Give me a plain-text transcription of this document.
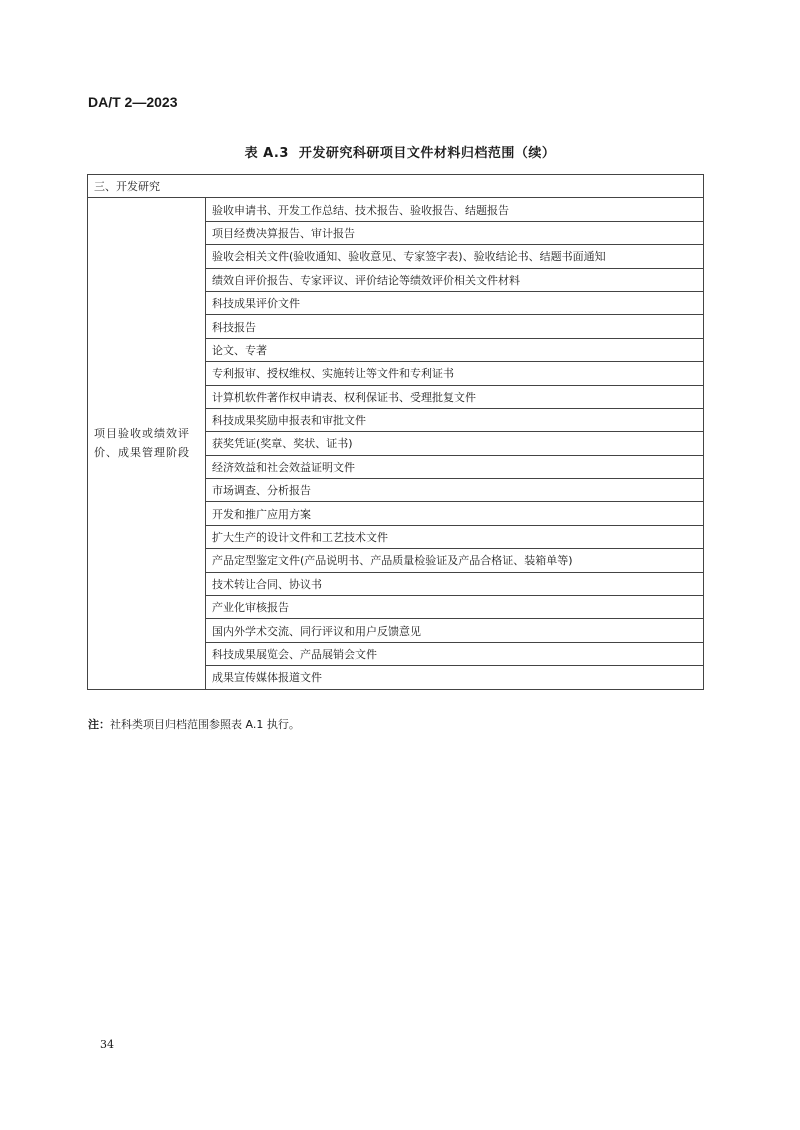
DA/T 2—2023
表 A.3 开发研究科研项目文件材料归档范围（续）
三、开发研究
项目验收或绩效评价、成果管理阶段	验收申请书、开发工作总结、技术报告、验收报告、结题报告
项目经费决算报告、审计报告
验收会相关文件(验收通知、验收意见、专家签字表)、验收结论书、结题书面通知
绩效自评价报告、专家评议、评价结论等绩效评价相关文件材料
科技成果评价文件
科技报告
论文、专著
专利报审、授权维权、实施转让等文件和专利证书
计算机软件著作权申请表、权利保证书、受理批复文件
科技成果奖励申报表和审批文件
获奖凭证(奖章、奖状、证书)
经济效益和社会效益证明文件
市场调查、分析报告
开发和推广应用方案
扩大生产的设计文件和工艺技术文件
产品定型鉴定文件(产品说明书、产品质量检验证及产品合格证、装箱单等)
技术转让合同、协议书
产业化审核报告
国内外学术交流、同行评议和用户反馈意见
科技成果展览会、产品展销会文件
成果宣传媒体报道文件
注：社科类项目归档范围参照表 A.1 执行。
34
